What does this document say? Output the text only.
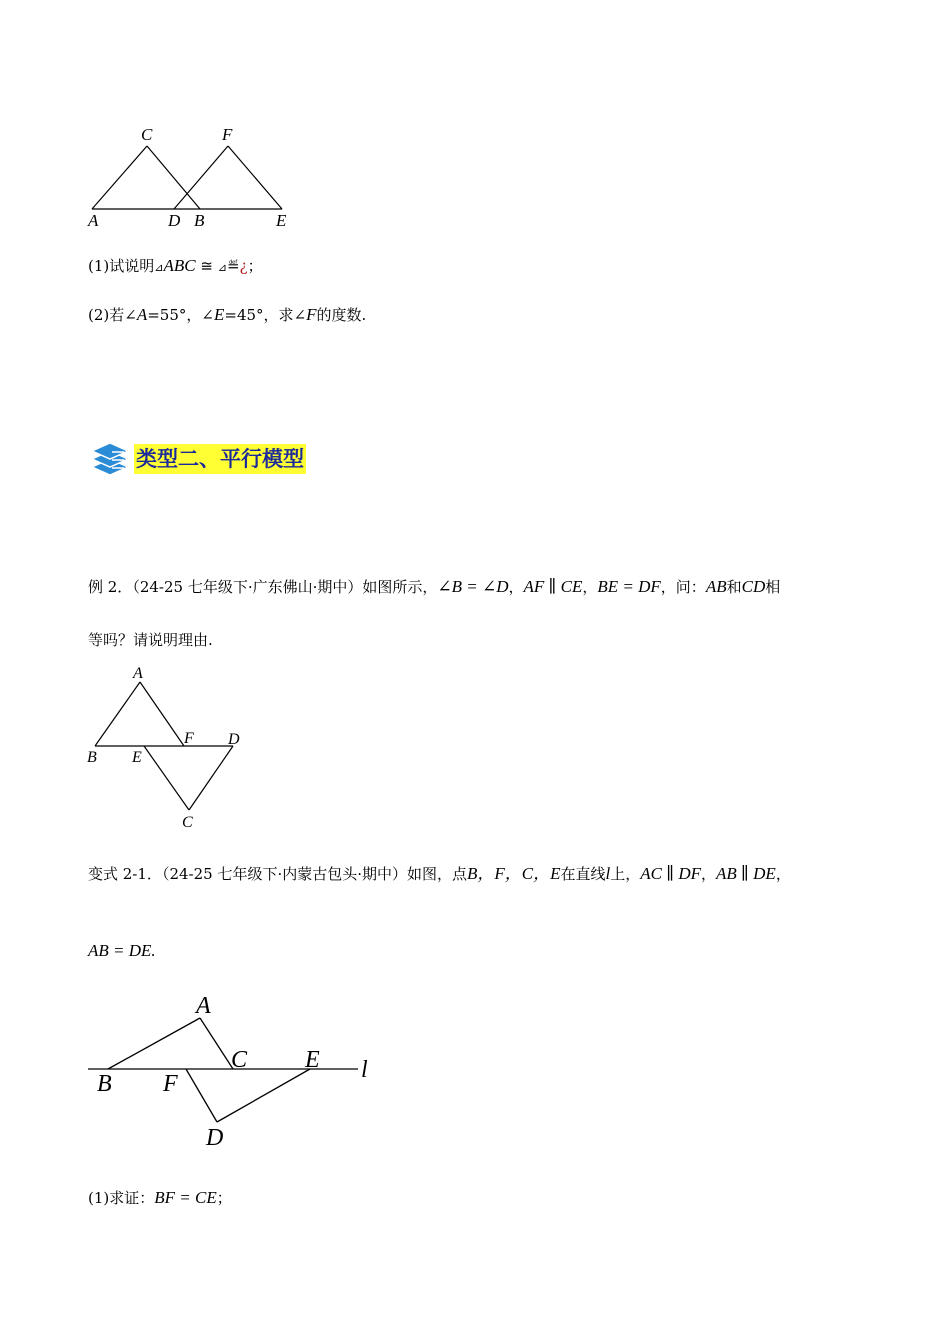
A
C
D B
F
E
(1)试说明⊿ABC ≅ ⊿≝¿；
(2)若∠A=55°，∠E=45°，求∠F的度数.
类型二、平行模型
例 2．（24-25 七年级下·广东佛山·期中）如图所示，∠B = ∠D，AF ∥ CE，BE = DF，问：AB和CD相
等吗？请说明理由.
A
B E
F D
C
变式 2-1．（24-25 七年级下·内蒙古包头·期中）如图，点B，F，C，E在直线l上，AC ∥ DF，AB ∥ DE，
AB = DE.
A
C E l
B F
D
(1)求证：BF = CE；
